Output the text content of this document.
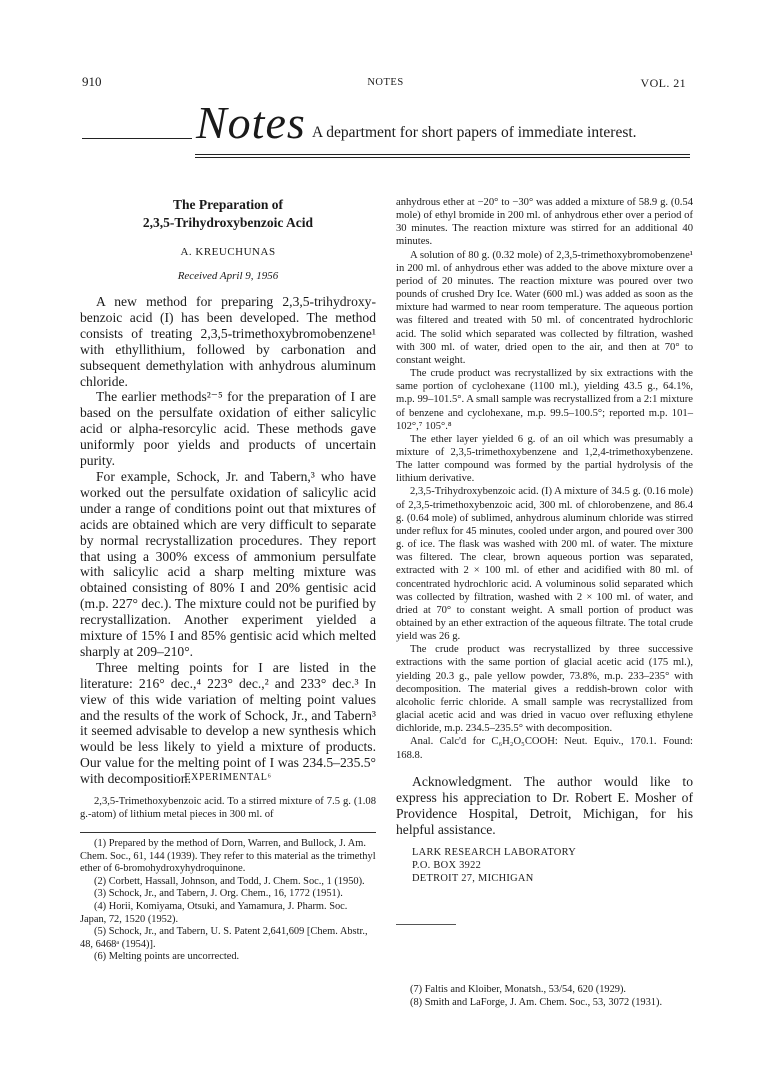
910	NOTES	VOL. 21
Notes A department for short papers of immediate interest.
The Preparation of
2,3,5-Trihydroxybenzoic Acid
A. KREUCHUNAS
Received April 9, 1956

A new method for preparing 2,3,5-trihydroxy-benzoic acid (I) has been developed. The method consists of treating 2,3,5-trimethoxybromobenzene¹ with ethyllithium, followed by carbonation and subsequent demethylation with anhydrous aluminum chloride.

The earlier methods²⁻⁵ for the preparation of I are based on the persulfate oxidation of either salicylic acid or alpha-resorcylic acid. These methods gave uniformly poor yields and products of uncertain purity.

For example, Schock, Jr. and Tabern,³ who have worked out the persulfate oxidation of salicylic acid under a range of conditions point out that mixtures of acids are obtained which are very difficult to separate by normal recrystallization procedures. They report that using a 300% excess of ammonium persulfate with salicylic acid a sharp melting mixture was obtained consisting of 80% I and 20% gentisic acid (m.p. 227° dec.). The mixture could not be purified by recrystallization. Another experiment yielded a mixture of 15% I and 85% gentisic acid which melted sharply at 209–210°.

Three melting points for I are listed in the literature: 216° dec.,⁴ 223° dec.,² and 233° dec.³ In view of this wide variation of melting point values and the results of the work of Schock, Jr., and Tabern³ it seemed advisable to develop a new synthesis which would be less likely to yield a mixture of products. Our value for the melting point of I was 234.5–235.5° with decomposition.

EXPERIMENTAL⁶

2,3,5-Trimethoxybenzoic acid. To a stirred mixture of 7.5 g. (1.08 g.-atom) of lithium metal pieces in 300 ml. of

(1) Prepared by the method of Dorn, Warren, and Bullock, J. Am. Chem. Soc., 61, 144 (1939). They refer to this material as the trimethyl ether of 6-bromohydroxyhydroquinone.

(2) Corbett, Hassall, Johnson, and Todd, J. Chem. Soc., 1 (1950).

(3) Schock, Jr., and Tabern, J. Org. Chem., 16, 1772 (1951).

(4) Horii, Komiyama, Otsuki, and Yamamura, J. Pharm. Soc. Japan, 72, 1520 (1952).

(5) Schock, Jr., and Tabern, U. S. Patent 2,641,609 [Chem. Abstr., 48, 6468ᵃ (1954)].

(6) Melting points are uncorrected.

anhydrous ether at −20° to −30° was added a mixture of 58.9 g. (0.54 mole) of ethyl bromide in 200 ml. of anhydrous ether over a period of 30 minutes. The reaction mixture was stirred for an additional 40 minutes.

A solution of 80 g. (0.32 mole) of 2,3,5-trimethoxybromobenzene¹ in 200 ml. of anhydrous ether was added to the above mixture over a period of 20 minutes. The reaction mixture was poured over two pounds of crushed Dry Ice. Water (600 ml.) was added as soon as the mixture had warmed to near room temperature. The aqueous portion was filtered and treated with 50 ml. of concentrated hydrochloric acid. The solid which separated was collected by filtration, washed with 300 ml. of water, dried open to the air, and then at 70° to constant weight.

The crude product was recrystallized by six extractions with the same portion of cyclohexane (1100 ml.), yielding 43.5 g., 64.1%, m.p. 99–101.5°. A small sample was recrystallized from a 2:1 mixture of benzene and cyclohexane, m.p. 99.5–100.5°; reported m.p. 101–102°,⁷ 105°.⁸

The ether layer yielded 6 g. of an oil which was presumably a mixture of 2,3,5-trimethoxybenzene and 1,2,4-trimethoxybenzene. The latter compound was formed by the partial hydrolysis of the lithium derivative.

2,3,5-Trihydroxybenzoic acid. (I) A mixture of 34.5 g. (0.16 mole) of 2,3,5-trimethoxybenzoic acid, 300 ml. of chlorobenzene, and 86.4 g. (0.64 mole) of sublimed, anhydrous aluminum chloride was stirred under reflux for 45 minutes, cooled under argon, and poured over 300 g. of ice. The flask was washed with 200 ml. of water. The mixture was filtered. The clear, brown aqueous portion was separated, extracted with 2 × 100 ml. of ether and acidified with 80 ml. of concentrated hydrochloric acid. A voluminous solid separated which was collected by filtration, washed with 2 × 100 ml. of water, and dried at 70° to constant weight. A small portion of product was obtained by an ether extraction of the aqueous filtrate. The total crude yield was 26 g.

The crude product was recrystallized by three successive extractions with the same portion of glacial acetic acid (175 ml.), yielding 20.3 g., pale yellow powder, 73.8%, m.p. 233–235° with decomposition. The material gives a reddish-brown color with alcoholic ferric chloride. A small sample was recrystallized from glacial acetic acid and was dried in vacuo over refluxing ethylene dichloride, m.p. 234.5–235.5° with decomposition.

Anal. Calc'd for C₆H₂O₅COOH: Neut. Equiv., 170.1. Found: 168.8.

Acknowledgment. The author would like to express his appreciation to Dr. Robert E. Mosher of Providence Hospital, Detroit, Michigan, for his helpful assistance.

LARK RESEARCH LABORATORY
P.O. BOX 3922
DETROIT 27, MICHIGAN

(7) Faltis and Kloiber, Monatsh., 53/54, 620 (1929).

(8) Smith and LaForge, J. Am. Chem. Soc., 53, 3072 (1931).
